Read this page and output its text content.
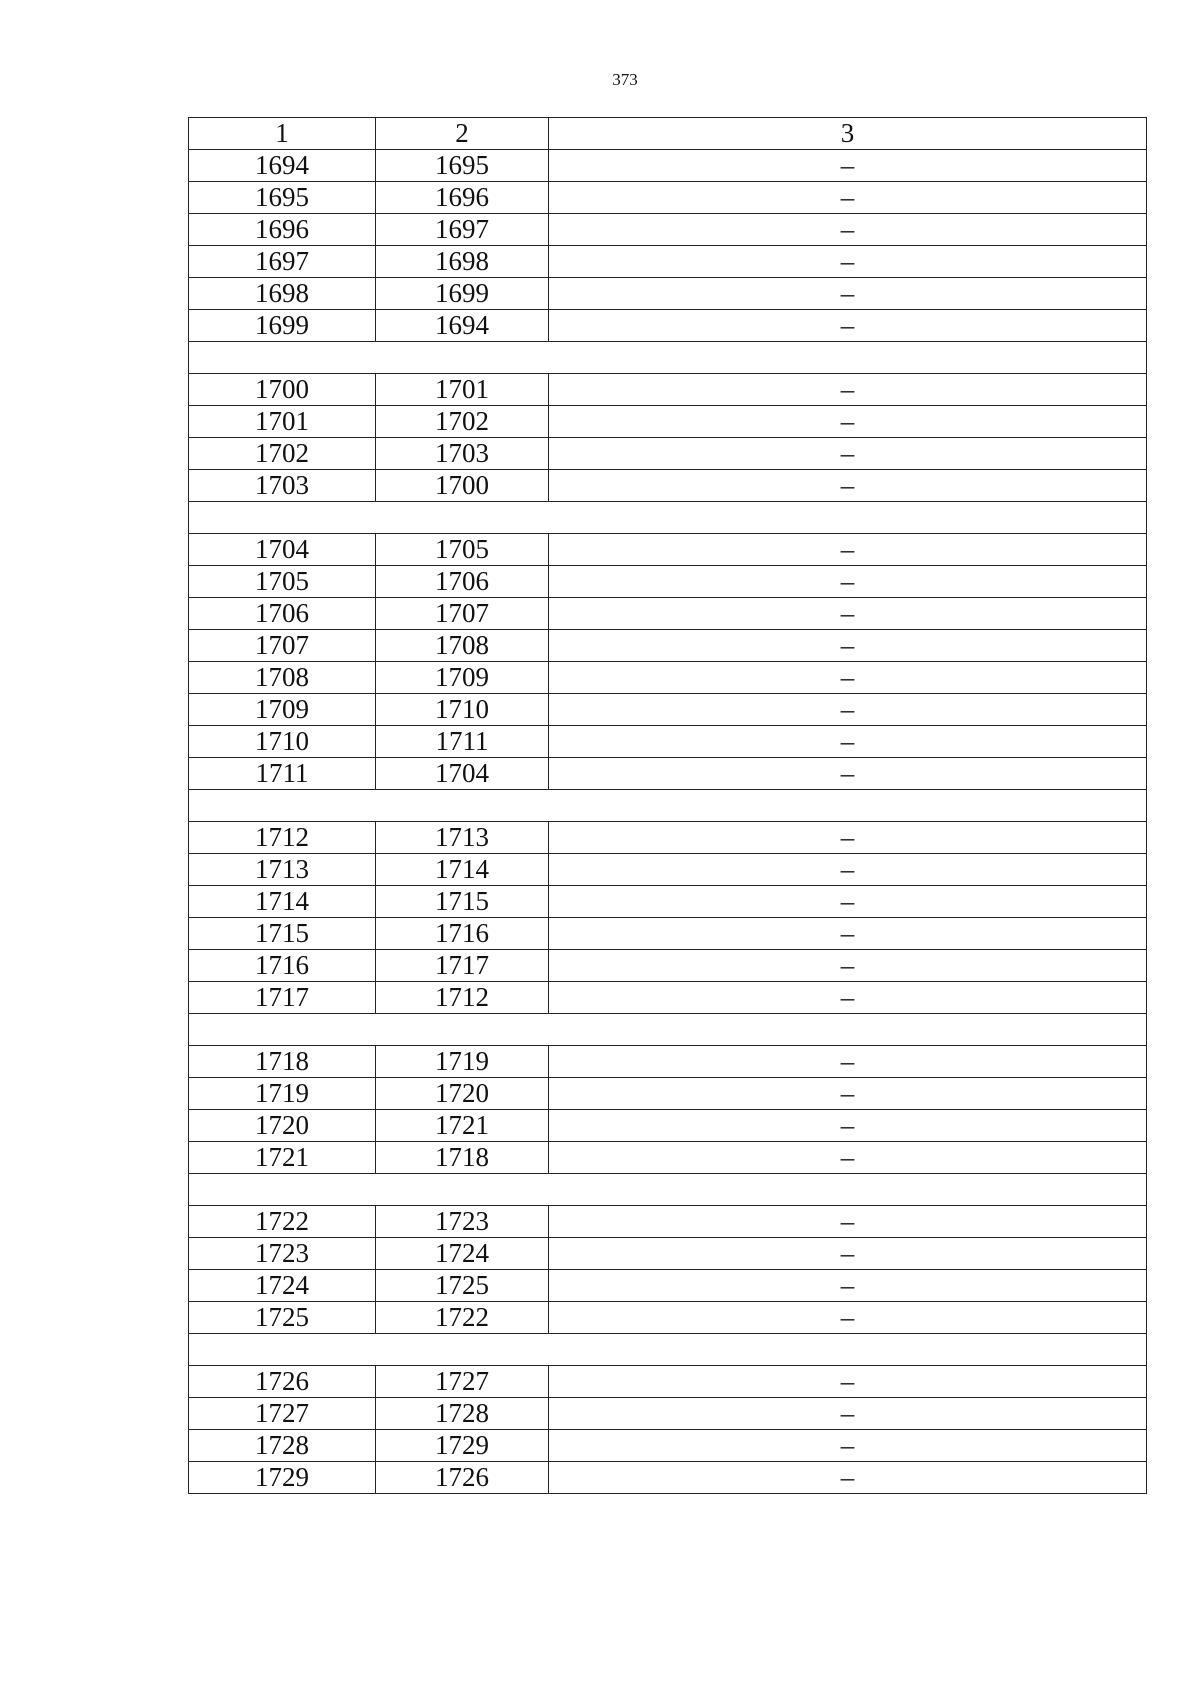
373
1	2	3
1694	1695	–
1695	1696	–
1696	1697	–
1697	1698	–
1698	1699	–
1699	1694	–

1700	1701	–
1701	1702	–
1702	1703	–
1703	1700	–

1704	1705	–
1705	1706	–
1706	1707	–
1707	1708	–
1708	1709	–
1709	1710	–
1710	1711	–
1711	1704	–

1712	1713	–
1713	1714	–
1714	1715	–
1715	1716	–
1716	1717	–
1717	1712	–

1718	1719	–
1719	1720	–
1720	1721	–
1721	1718	–

1722	1723	–
1723	1724	–
1724	1725	–
1725	1722	–

1726	1727	–
1727	1728	–
1728	1729	–
1729	1726	–
